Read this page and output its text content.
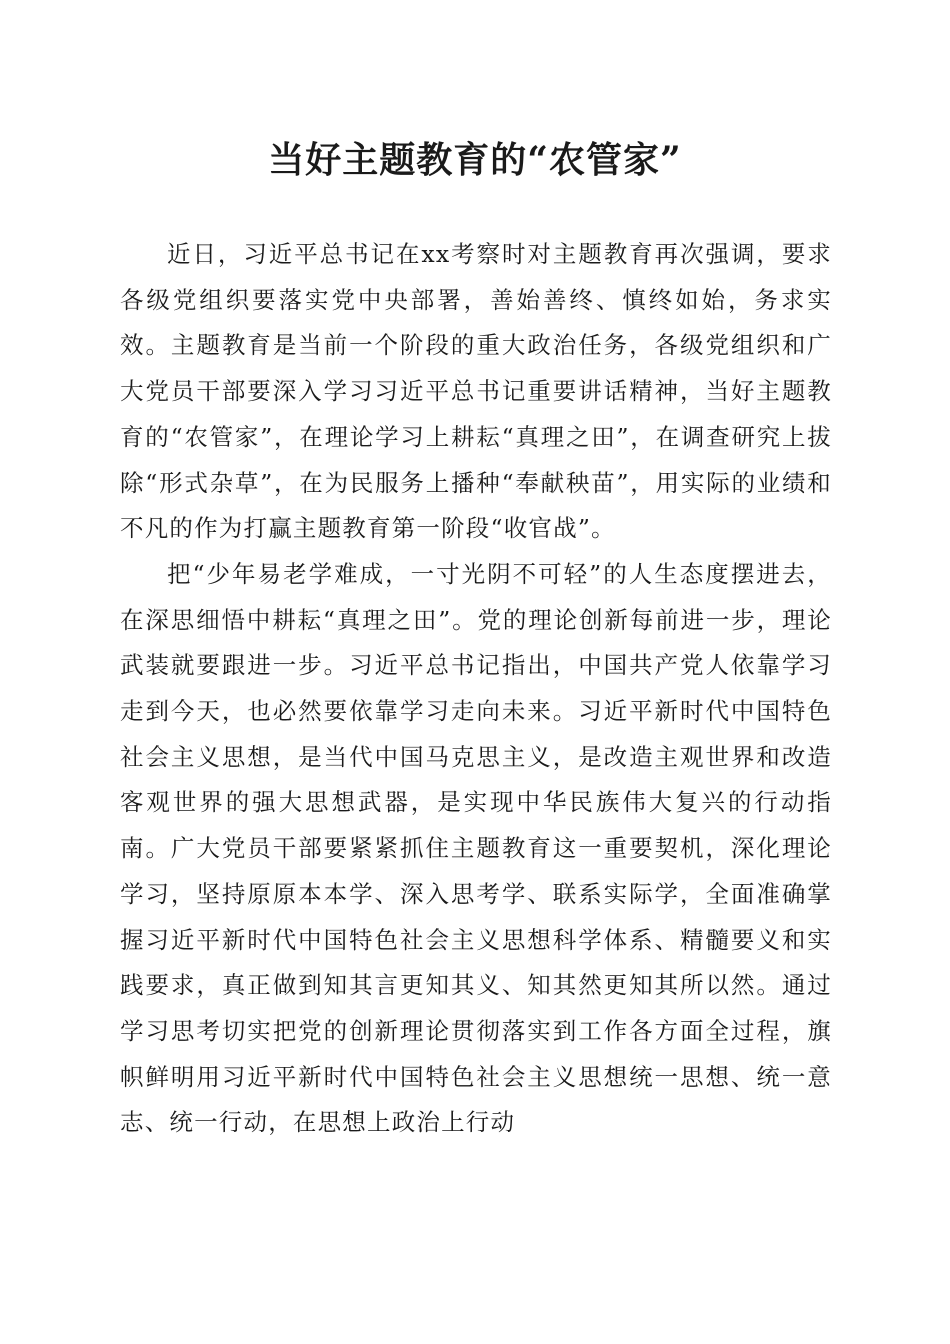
当好主题教育的“农管家”

近日，习近平总书记在xx考察时对主题教育再次强调，要求各级党组织要落实党中央部署，善始善终、慎终如始，务求实效。主题教育是当前一个阶段的重大政治任务，各级党组织和广大党员干部要深入学习习近平总书记重要讲话精神，当好主题教育的“农管家”，在理论学习上耕耘“真理之田”，在调查研究上拔除“形式杂草”，在为民服务上播种“奉献秧苗”，用实际的业绩和不凡的作为打赢主题教育第一阶段“收官战”。

把“少年易老学难成，一寸光阴不可轻”的人生态度摆进去，在深思细悟中耕耘“真理之田”。党的理论创新每前进一步，理论武装就要跟进一步。习近平总书记指出，中国共产党人依靠学习走到今天，也必然要依靠学习走向未来。习近平新时代中国特色社会主义思想，是当代中国马克思主义，是改造主观世界和改造客观世界的强大思想武器，是实现中华民族伟大复兴的行动指南。广大党员干部要紧紧抓住主题教育这一重要契机，深化理论学习，坚持原原本本学、深入思考学、联系实际学，全面准确掌握习近平新时代中国特色社会主义思想科学体系、精髓要义和实践要求，真正做到知其言更知其义、知其然更知其所以然。通过学习思考切实把党的创新理论贯彻落实到工作各方面全过程，旗帜鲜明用习近平新时代中国特色社会主义思想统一思想、统一意志、统一行动，在思想上政治上行动
